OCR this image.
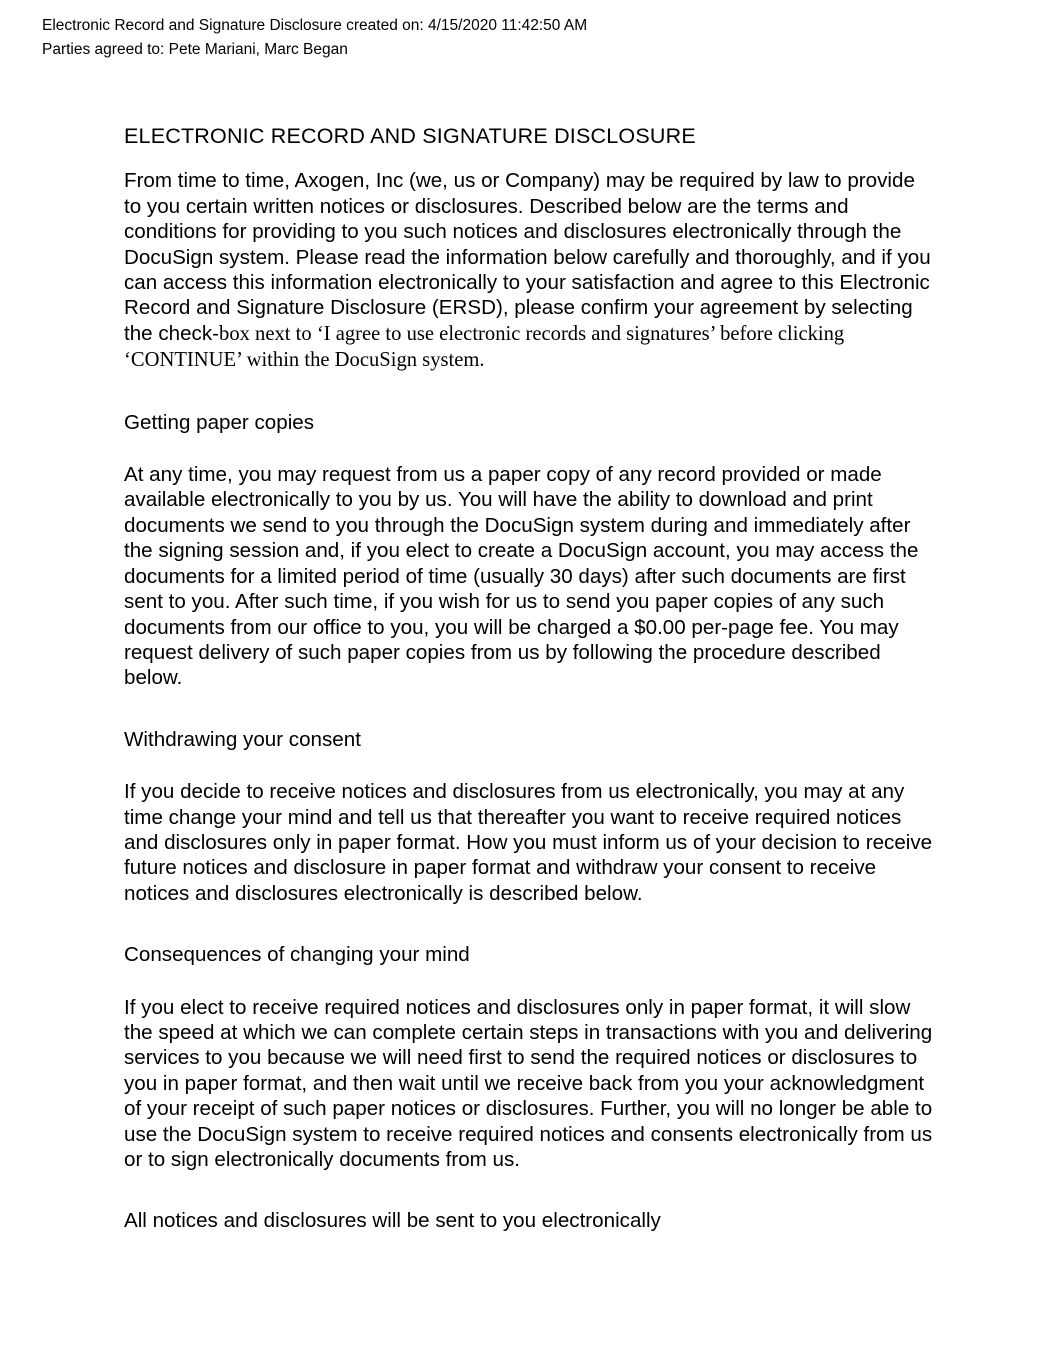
Electronic Record and Signature Disclosure created on: 4/15/2020 11:42:50 AM
Parties agreed to: Pete Mariani, Marc Began
ELECTRONIC RECORD AND SIGNATURE DISCLOSURE

From time to time, Axogen, Inc (we, us or Company) may be required by law to provide to you certain written notices or disclosures. Described below are the terms and conditions for providing to you such notices and disclosures electronically through the DocuSign system. Please read the information below carefully and thoroughly, and if you can access this information electronically to your satisfaction and agree to this Electronic Record and Signature Disclosure (ERSD), please confirm your agreement by selecting the check-box next to ‘I agree to use electronic records and signatures’ before clicking ‘CONTINUE’ within the DocuSign system.

Getting paper copies

At any time, you may request from us a paper copy of any record provided or made available electronically to you by us. You will have the ability to download and print documents we send to you through the DocuSign system during and immediately after the signing session and, if you elect to create a DocuSign account, you may access the documents for a limited period of time (usually 30 days) after such documents are first sent to you. After such time, if you wish for us to send you paper copies of any such documents from our office to you, you will be charged a $0.00 per-page fee. You may request delivery of such paper copies from us by following the procedure described below.

Withdrawing your consent

If you decide to receive notices and disclosures from us electronically, you may at any time change your mind and tell us that thereafter you want to receive required notices and disclosures only in paper format. How you must inform us of your decision to receive future notices and disclosure in paper format and withdraw your consent to receive notices and disclosures electronically is described below.

Consequences of changing your mind

If you elect to receive required notices and disclosures only in paper format, it will slow the speed at which we can complete certain steps in transactions with you and delivering services to you because we will need first to send the required notices or disclosures to you in paper format, and then wait until we receive back from you your acknowledgment of your receipt of such paper notices or disclosures. Further, you will no longer be able to use the DocuSign system to receive required notices and consents electronically from us or to sign electronically documents from us.

All notices and disclosures will be sent to you electronically
